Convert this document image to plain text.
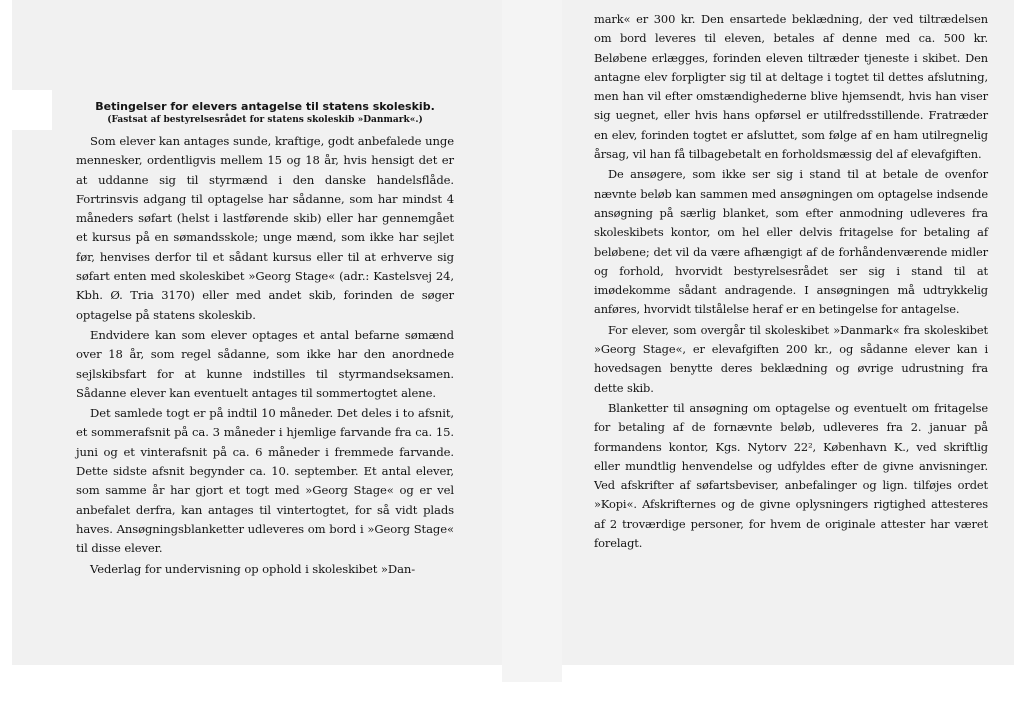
Betingelser for elevers antagelse til statens skoleskib.

(Fastsat af bestyrelsesrådet for statens skoleskib »Danmark«.)

Som elever kan antages sunde, kraftige, godt anbefalede unge mennesker, ordentligvis mellem 15 og 18 år, hvis hensigt det er at uddanne sig til styrmænd i den danske handelsflåde. Fortrinsvis adgang til optagelse har sådanne, som har mindst 4 måneders søfart (helst i lastførende skib) eller har gennemgået et kursus på en sømandsskole; unge mænd, som ikke har sejlet før, henvises derfor til et sådant kursus eller til at erhverve sig søfart enten med skoleskibet »Georg Stage« (adr.: Kastelsvej 24, Kbh. Ø. Tria 3170) eller med andet skib, forinden de søger optagelse på statens skoleskib.

Endvidere kan som elever optages et antal befarne sømænd over 18 år, som regel sådanne, som ikke har den anordnede sejlskibsfart for at kunne indstilles til styrmandseksamen. Sådanne elever kan eventuelt antages til sommertogtet alene.

Det samlede togt er på indtil 10 måneder. Det deles i to afsnit, et sommerafsnit på ca. 3 måneder i hjemlige farvande fra ca. 15. juni og et vinterafsnit på ca. 6 måneder i fremmede farvande. Dette sidste afsnit begynder ca. 10. september. Et antal elever, som samme år har gjort et togt med »Georg Stage« og er vel anbefalet derfra, kan antages til vintertogtet, for så vidt plads haves. Ansøgningsblanketter udleveres om bord i »Georg Stage« til disse elever.

Vederlag for undervisning op ophold i skoleskibet »Dan-

mark« er 300 kr. Den ensartede beklædning, der ved tiltrædelsen om bord leveres til eleven, betales af denne med ca. 500 kr. Beløbene erlægges, forinden eleven tiltræder tjeneste i skibet. Den antagne elev forpligter sig til at deltage i togtet til dettes afslutning, men han vil efter omstændighederne blive hjemsendt, hvis han viser sig uegnet, eller hvis hans opførsel er utilfredsstillende. Fratræder en elev, forinden togtet er afsluttet, som følge af en ham utilregnelig årsag, vil han få tilbagebetalt en forholdsmæssig del af elevafgiften.

De ansøgere, som ikke ser sig i stand til at betale de ovenfor nævnte beløb kan sammen med ansøgningen om optagelse indsende ansøgning på særlig blanket, som efter anmodning udleveres fra skoleskibets kontor, om hel eller delvis fritagelse for betaling af beløbene; det vil da være afhængigt af de forhåndenværende midler og forhold, hvorvidt bestyrelsesrådet ser sig i stand til at imødekomme sådant andragende. I ansøgningen må udtrykkelig anføres, hvorvidt tilstålelse heraf er en betingelse for antagelse.

For elever, som overgår til skoleskibet »Danmark« fra skoleskibet »Georg Stage«, er elevafgiften 200 kr., og sådanne elever kan i hovedsagen benytte deres beklædning og øvrige udrustning fra dette skib.

Blanketter til ansøgning om optagelse og eventuelt om fritagelse for betaling af de fornævnte beløb, udleveres fra 2. januar på formandens kontor, Kgs. Nytorv 22², København K., ved skriftlig eller mundtlig henvendelse og udfyldes efter de givne anvisninger. Ved afskrifter af søfartsbeviser, anbefalinger og lign. tilføjes ordet »Kopi«. Afskrifternes og de givne oplysningers rigtighed attesteres af 2 troværdige personer, for hvem de originale attester har været forelagt.
